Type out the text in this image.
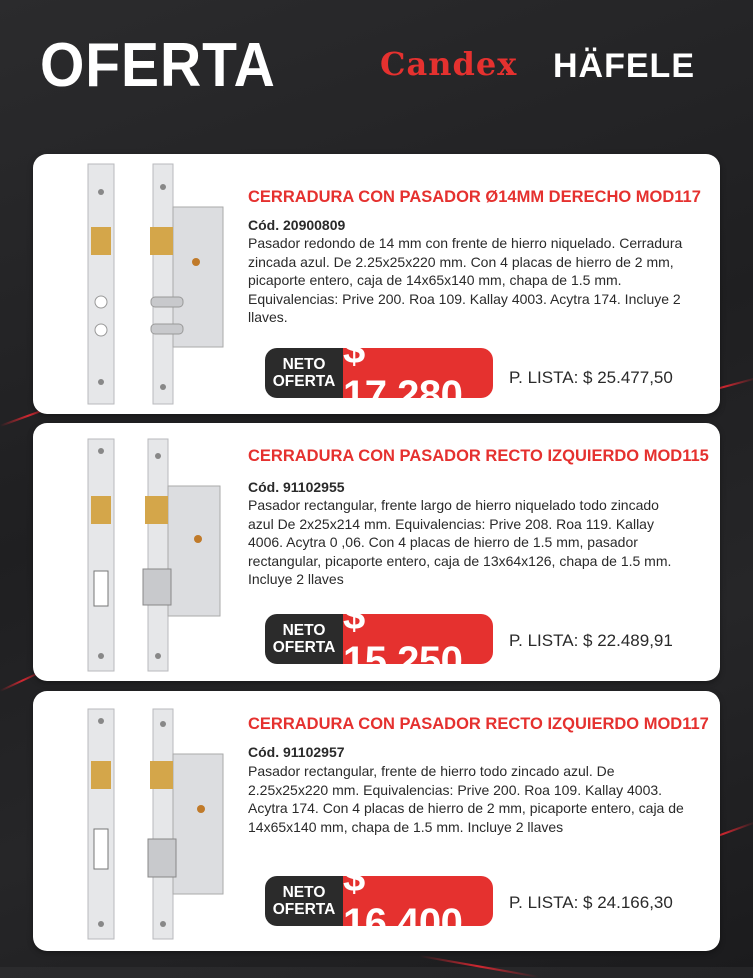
OFERTA	Candex HÄFELE
CERRADURA CON PASADOR Ø14MM DERECHO MOD117
Cód. 20900809

Pasador redondo de 14 mm con frente de hierro niquelado. Cerradura zincada azul. De 2.25x25x220 mm. Con 4 placas de hierro de 2 mm, picaporte entero, caja de 14x65x140 mm, chapa de 1.5 mm. Equivalencias: Prive 200. Roa 109. Kallay 4003. Acytra 174. Incluye 2 llaves.

NETO
OFERTA
$ 17.280	P. LISTA: $ 25.477,50
CERRADURA CON PASADOR RECTO IZQUIERDO MOD115
Cód. 91102955

Pasador rectangular, frente largo de hierro niquelado todo zincado azul De 2x25x214 mm. Equivalencias: Prive 208. Roa 119. Kallay 4006. Acytra 0 ,06. Con 4 placas de hierro de 1.5 mm, pasador rectangular, picaporte entero, caja de 13x64x126, chapa de 1.5 mm. Incluye 2 llaves

NETO
OFERTA
$ 15.250	P. LISTA: $ 22.489,91
CERRADURA CON PASADOR RECTO IZQUIERDO MOD117
Cód. 91102957

Pasador rectangular, frente de hierro todo zincado azul. De 2.25x25x220 mm. Equivalencias: Prive 200. Roa 109. Kallay 4003. Acytra 174. Con 4 placas de hierro de 2 mm, picaporte entero, caja de 14x65x140 mm, chapa de 1.5 mm. Incluye 2 llaves

NETO
OFERTA
$ 16.400	P. LISTA: $ 24.166,30
